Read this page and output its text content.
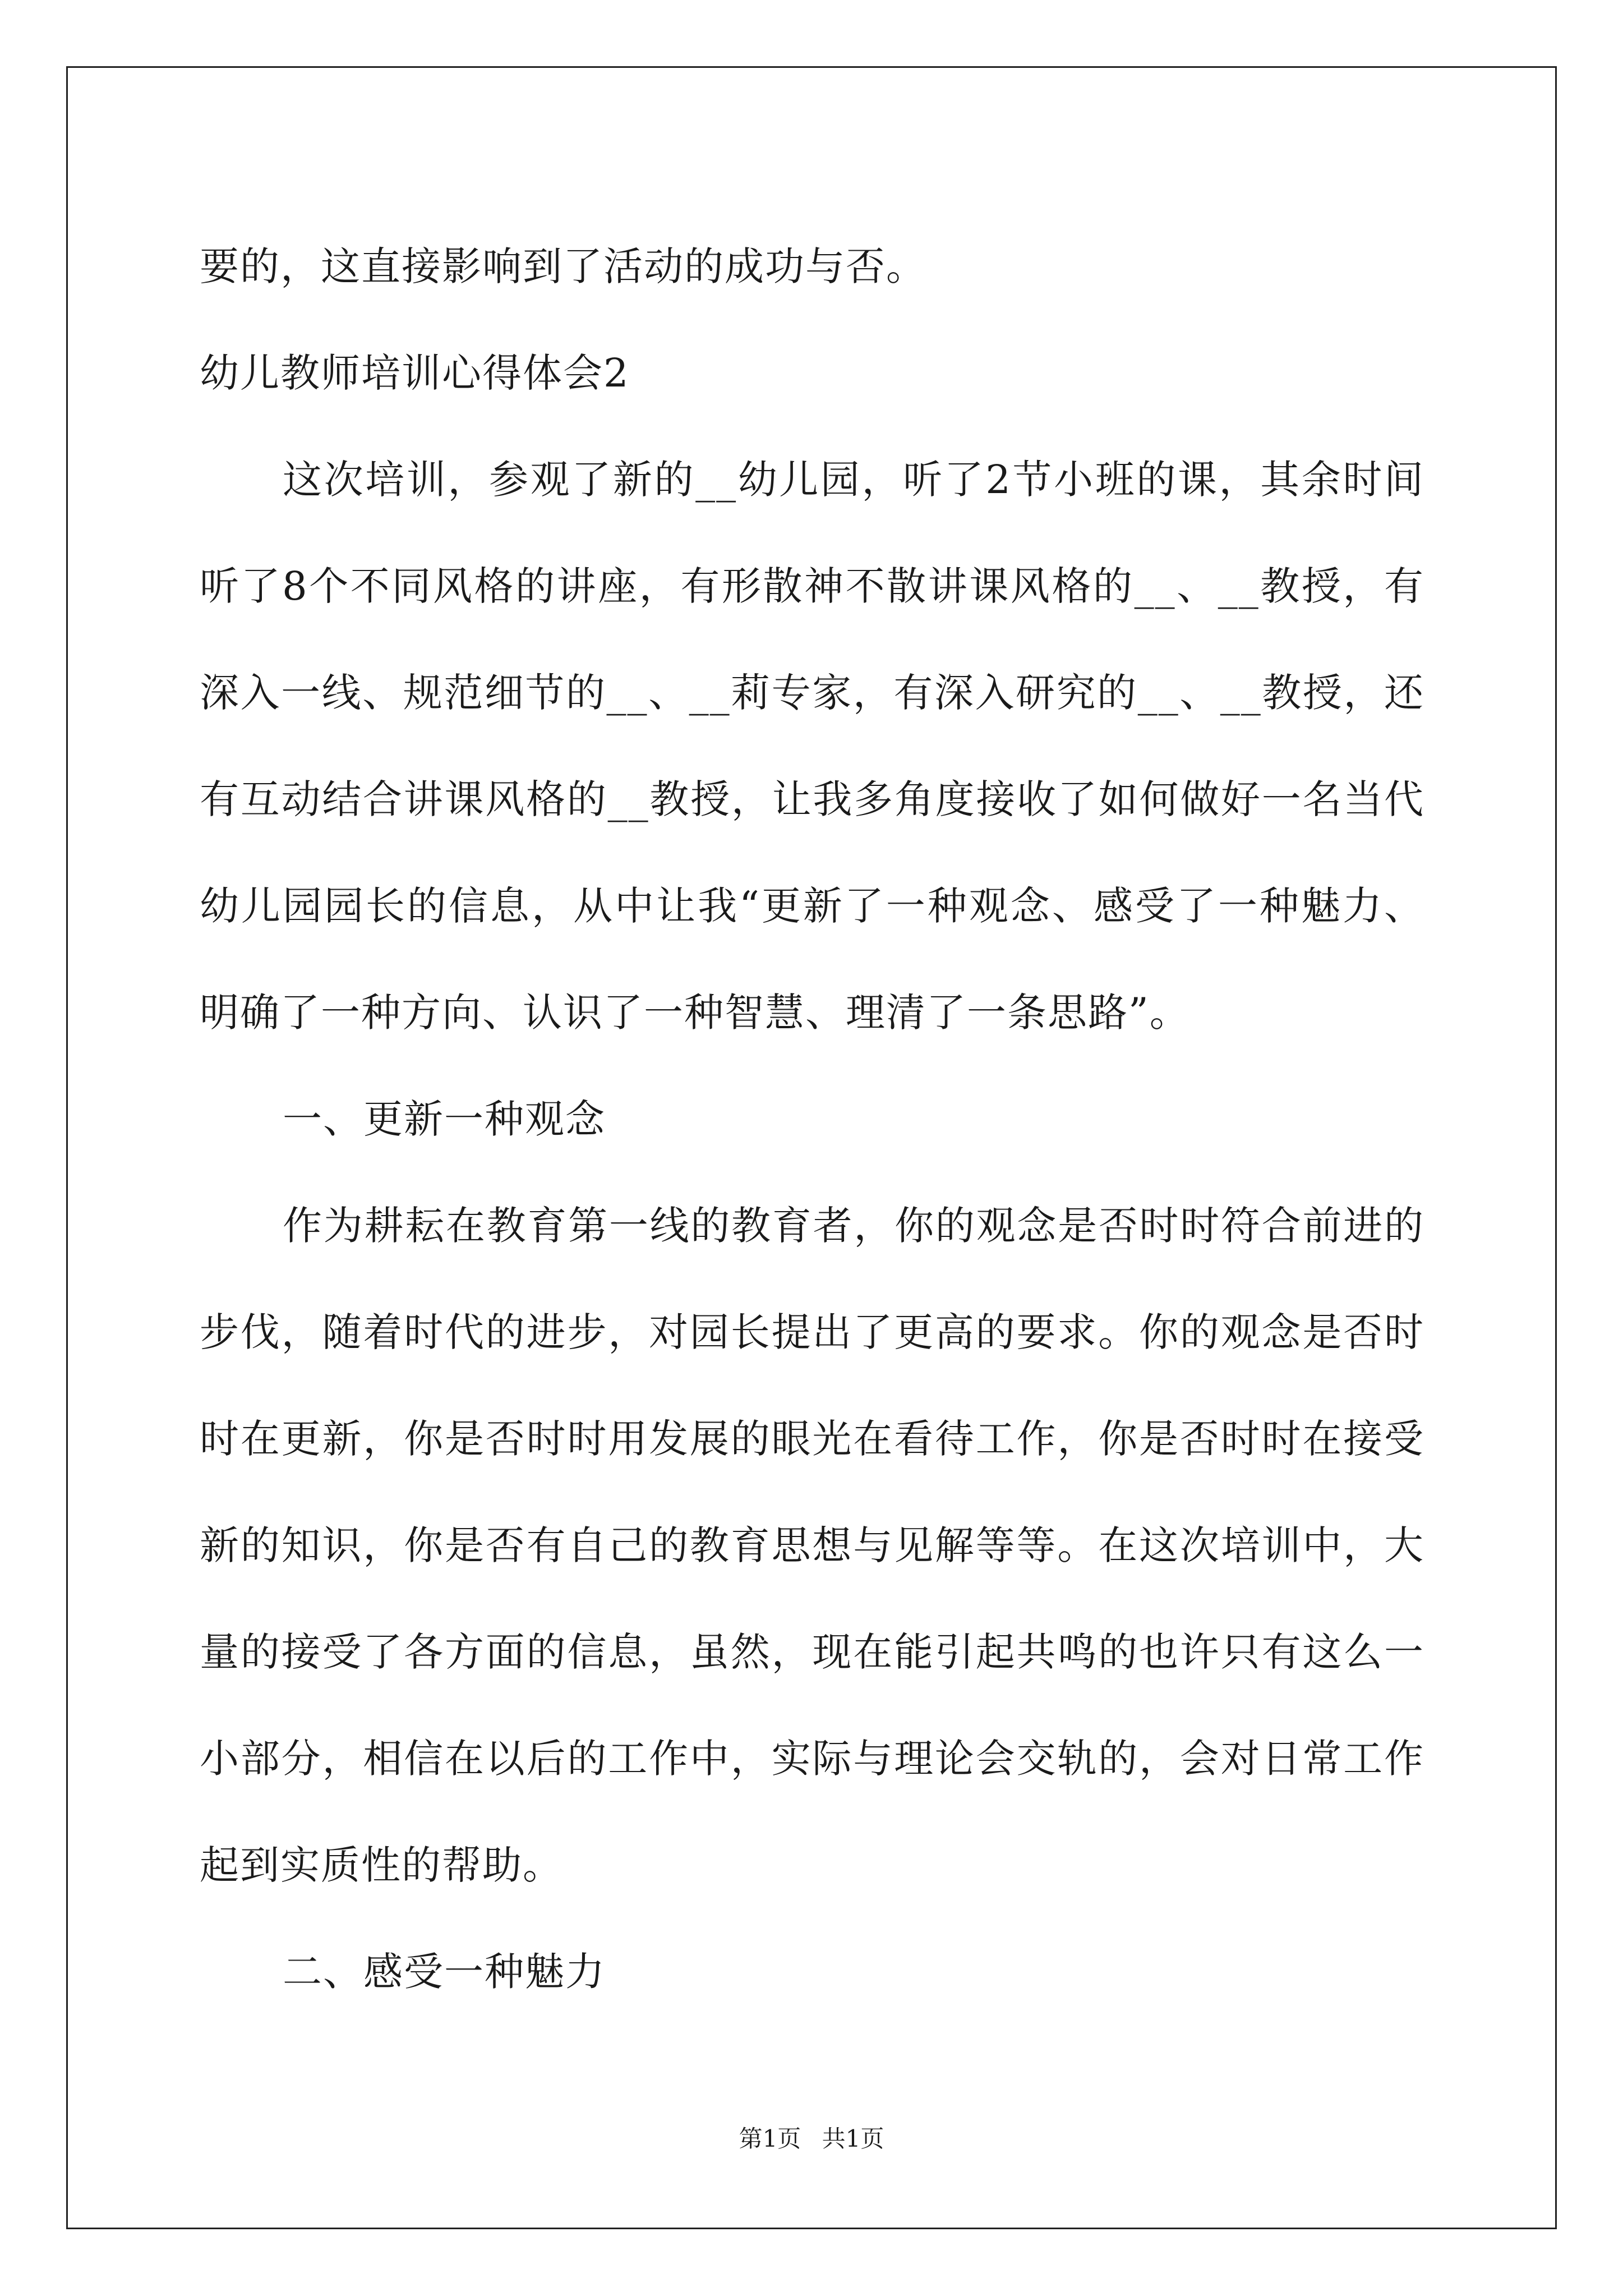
要的，这直接影响到了活动的成功与否。
幼儿教师培训心得体会2
这次培训，参观了新的__幼儿园，听了2节小班的课，其余时间
听了8个不同风格的讲座，有形散神不散讲课风格的__、__教授，有
深入一线、规范细节的__、__莉专家，有深入研究的__、__教授，还
有互动结合讲课风格的__教授，让我多角度接收了如何做好一名当代
幼儿园园长的信息，从中让我“更新了一种观念、感受了一种魅力、
明确了一种方向、认识了一种智慧、理清了一条思路”。
一、更新一种观念
作为耕耘在教育第一线的教育者，你的观念是否时时符合前进的
步伐，随着时代的进步，对园长提出了更高的要求。你的观念是否时
时在更新，你是否时时用发展的眼光在看待工作，你是否时时在接受
新的知识，你是否有自己的教育思想与见解等等。在这次培训中，大
量的接受了各方面的信息，虽然，现在能引起共鸣的也许只有这么一
小部分，相信在以后的工作中，实际与理论会交轨的，会对日常工作
起到实质性的帮助。
二、感受一种魅力
第1页 共1页
